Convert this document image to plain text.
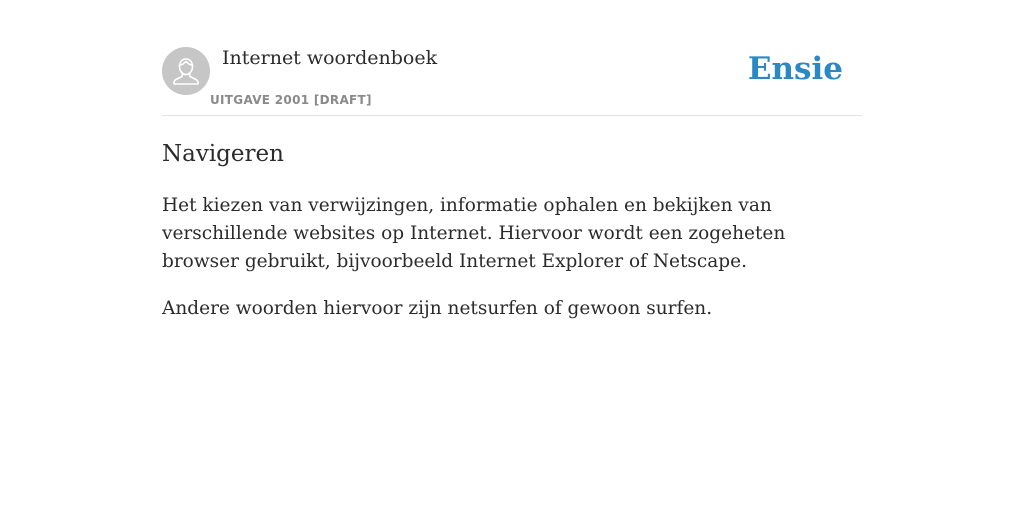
Internet woordenboek
UITGAVE 2001 [DRAFT]
Ensie
Navigeren

Het kiezen van verwijzingen, informatie ophalen en bekijken van verschillende websites op Internet. Hiervoor wordt een zogeheten browser gebruikt, bijvoorbeeld Internet Explorer of Netscape.

Andere woorden hiervoor zijn netsurfen of gewoon surfen.
